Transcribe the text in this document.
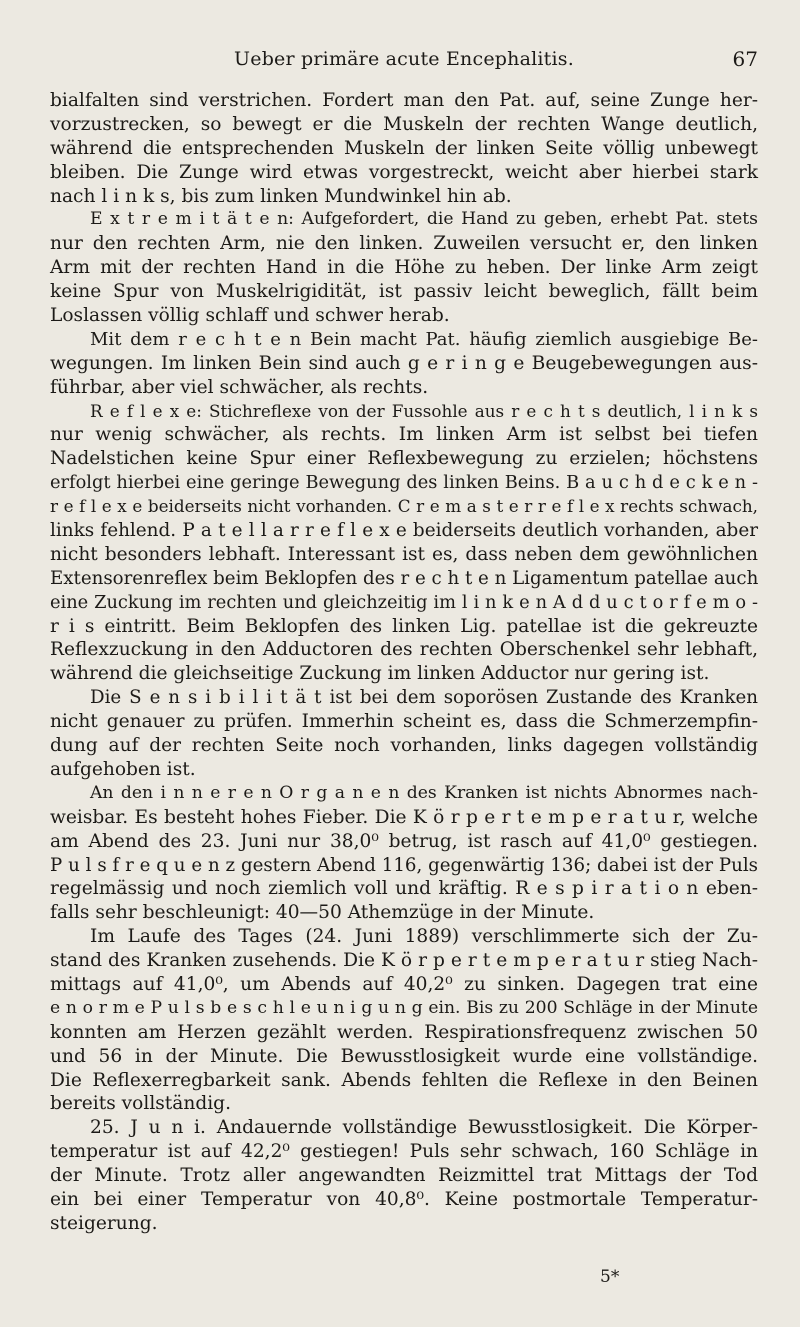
Ueber primäre acute Encephalitis.	67
bialfalten sind verstrichen. Fordert man den Pat. auf, seine Zunge her-
vorzustrecken, so bewegt er die Muskeln der rechten Wange deutlich,
während die entsprechenden Muskeln der linken Seite völlig unbewegt
bleiben. Die Zunge wird etwas vorgestreckt, weicht aber hierbei stark
nach l i n k s, bis zum linken Mundwinkel hin ab.
E x t r e m i t ä t e n: Aufgefordert, die Hand zu geben, erhebt Pat. stets
nur den rechten Arm, nie den linken. Zuweilen versucht er, den linken
Arm mit der rechten Hand in die Höhe zu heben. Der linke Arm zeigt
keine Spur von Muskelrigidität, ist passiv leicht beweglich, fällt beim
Loslassen völlig schlaff und schwer herab.
Mit dem r e c h t e n Bein macht Pat. häufig ziemlich ausgiebige Be-
wegungen. Im linken Bein sind auch g e r i n g e Beugebewegungen aus-
führbar, aber viel schwächer, als rechts.
R e f l e x e: Stichreflexe von der Fussohle aus r e c h t s deutlich, l i n k s
nur wenig schwächer, als rechts. Im linken Arm ist selbst bei tiefen
Nadelstichen keine Spur einer Reflexbewegung zu erzielen; höchstens
erfolgt hierbei eine geringe Bewegung des linken Beins. B a u c h d e c k e n -
r e f l e x e beiderseits nicht vorhanden. C r e m a s t e r r e f l e x rechts schwach,
links fehlend. P a t e l l a r r e f l e x e beiderseits deutlich vorhanden, aber
nicht besonders lebhaft. Interessant ist es, dass neben dem gewöhnlichen
Extensorenreflex beim Beklopfen des r e c h t e n Ligamentum patellae auch
eine Zuckung im rechten und gleichzeitig im l i n k e n A d d u c t o r f e m o -
r i s eintritt. Beim Beklopfen des linken Lig. patellae ist die gekreuzte
Reflexzuckung in den Adductoren des rechten Oberschenkel sehr lebhaft,
während die gleichseitige Zuckung im linken Adductor nur gering ist.
Die S e n s i b i l i t ä t ist bei dem soporösen Zustande des Kranken
nicht genauer zu prüfen. Immerhin scheint es, dass die Schmerzempfin-
dung auf der rechten Seite noch vorhanden, links dagegen vollständig
aufgehoben ist.
An den i n n e r e n O r g a n e n des Kranken ist nichts Abnormes nach-
weisbar. Es besteht hohes Fieber. Die K ö r p e r t e m p e r a t u r, welche
am Abend des 23. Juni nur 38,0⁰ betrug, ist rasch auf 41,0⁰ gestiegen.
P u l s f r e q u e n z gestern Abend 116, gegenwärtig 136; dabei ist der Puls
regelmässig und noch ziemlich voll und kräftig. R e s p i r a t i o n eben-
falls sehr beschleunigt: 40—50 Athemzüge in der Minute.
Im Laufe des Tages (24. Juni 1889) verschlimmerte sich der Zu-
stand des Kranken zusehends. Die K ö r p e r t e m p e r a t u r stieg Nach-
mittags auf 41,0⁰, um Abends auf 40,2⁰ zu sinken. Dagegen trat eine
e n o r m e P u l s b e s c h l e u n i g u n g ein. Bis zu 200 Schläge in der Minute
konnten am Herzen gezählt werden. Respirationsfrequenz zwischen 50
und 56 in der Minute. Die Bewusstlosigkeit wurde eine vollständige.
Die Reflexerregbarkeit sank. Abends fehlten die Reflexe in den Beinen
bereits vollständig.
25. J u n i. Andauernde vollständige Bewusstlosigkeit. Die Körper-
temperatur ist auf 42,2⁰ gestiegen! Puls sehr schwach, 160 Schläge in
der Minute. Trotz aller angewandten Reizmittel trat Mittags der Tod
ein bei einer Temperatur von 40,8⁰. Keine postmortale Temperatur-
steigerung.
5*
